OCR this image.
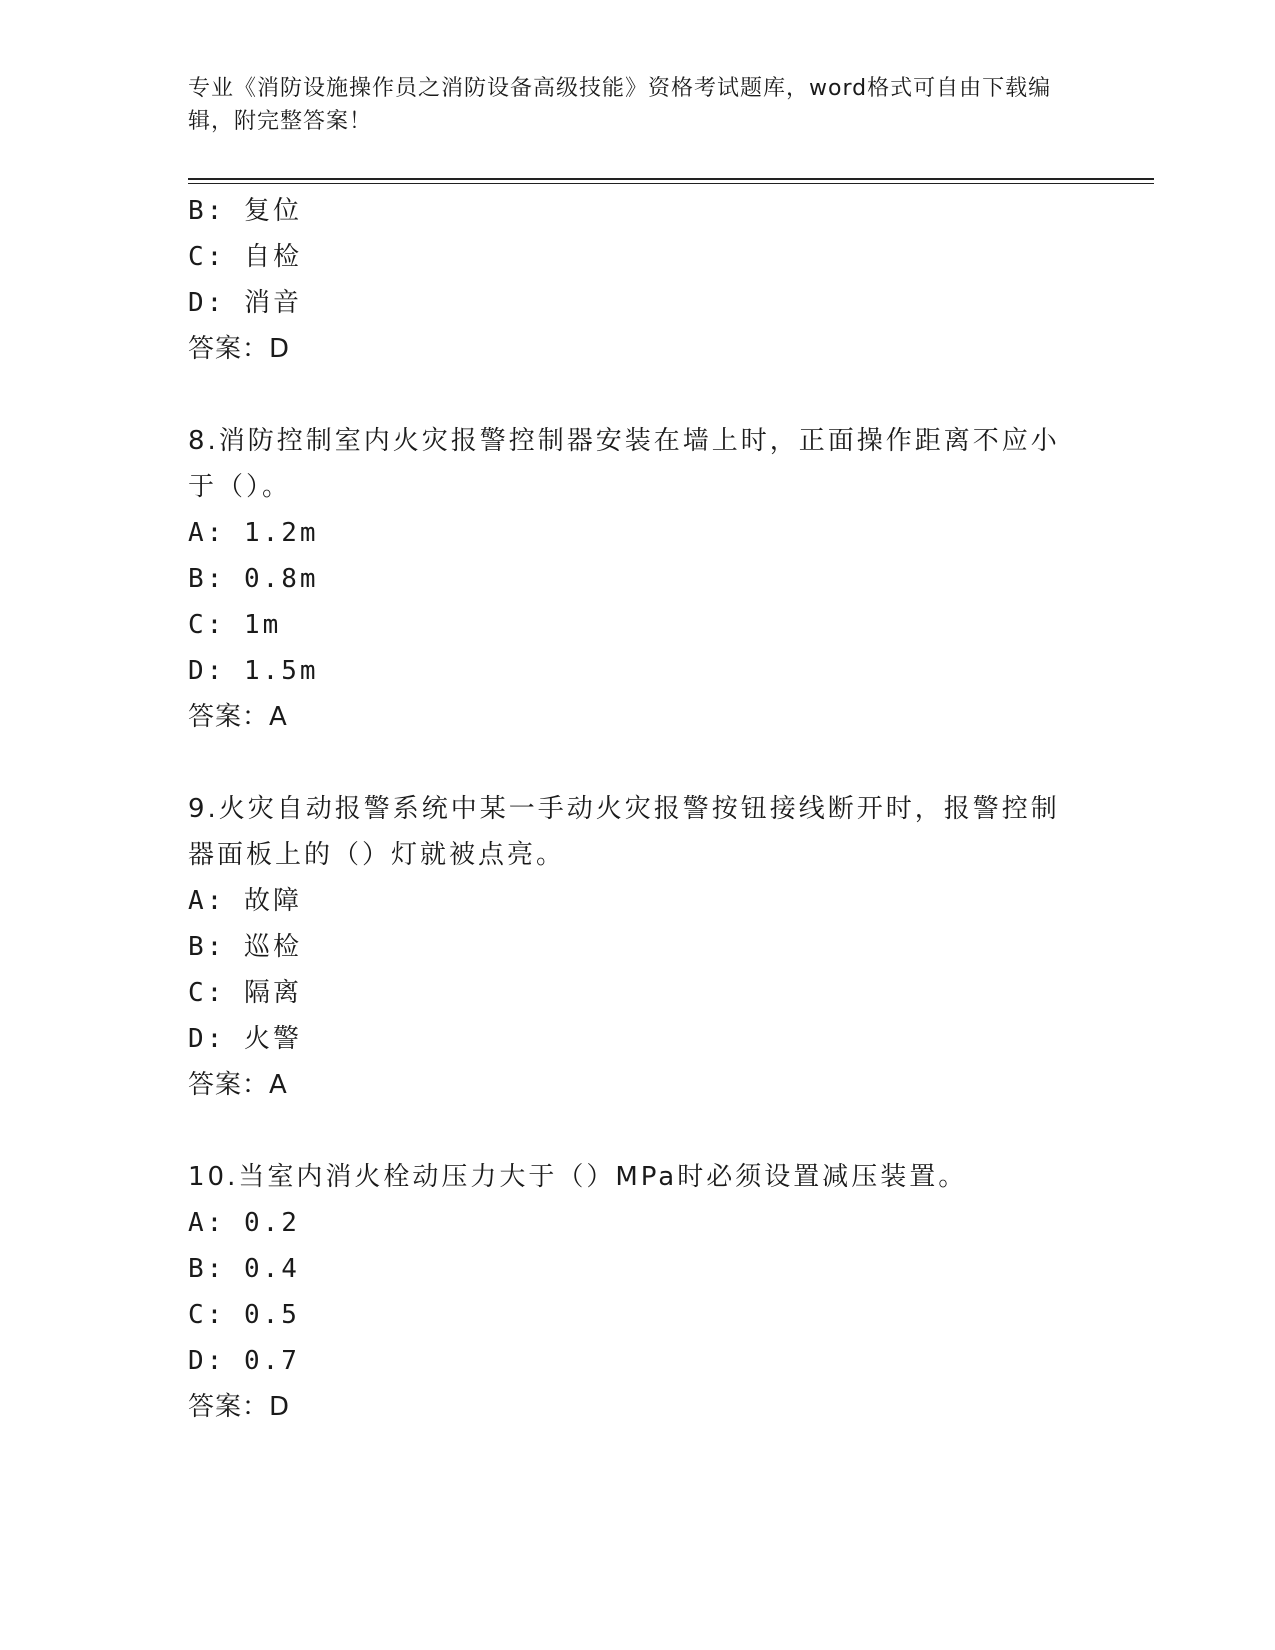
专业《消防设施操作员之消防设备高级技能》资格考试题库，word格式可自由下载编辑，附完整答案！
B: 复位
C: 自检
D: 消音
答案：D
8.消防控制室内火灾报警控制器安装在墙上时，正面操作距离不应小于（）。
A: 1.2m
B: 0.8m
C: 1m
D: 1.5m
答案：A
9.火灾自动报警系统中某一手动火灾报警按钮接线断开时，报警控制器面板上的（）灯就被点亮。
A: 故障
B: 巡检
C: 隔离
D: 火警
答案：A
10.当室内消火栓动压力大于（）MPa时必须设置减压装置。
A: 0.2
B: 0.4
C: 0.5
D: 0.7
答案：D
